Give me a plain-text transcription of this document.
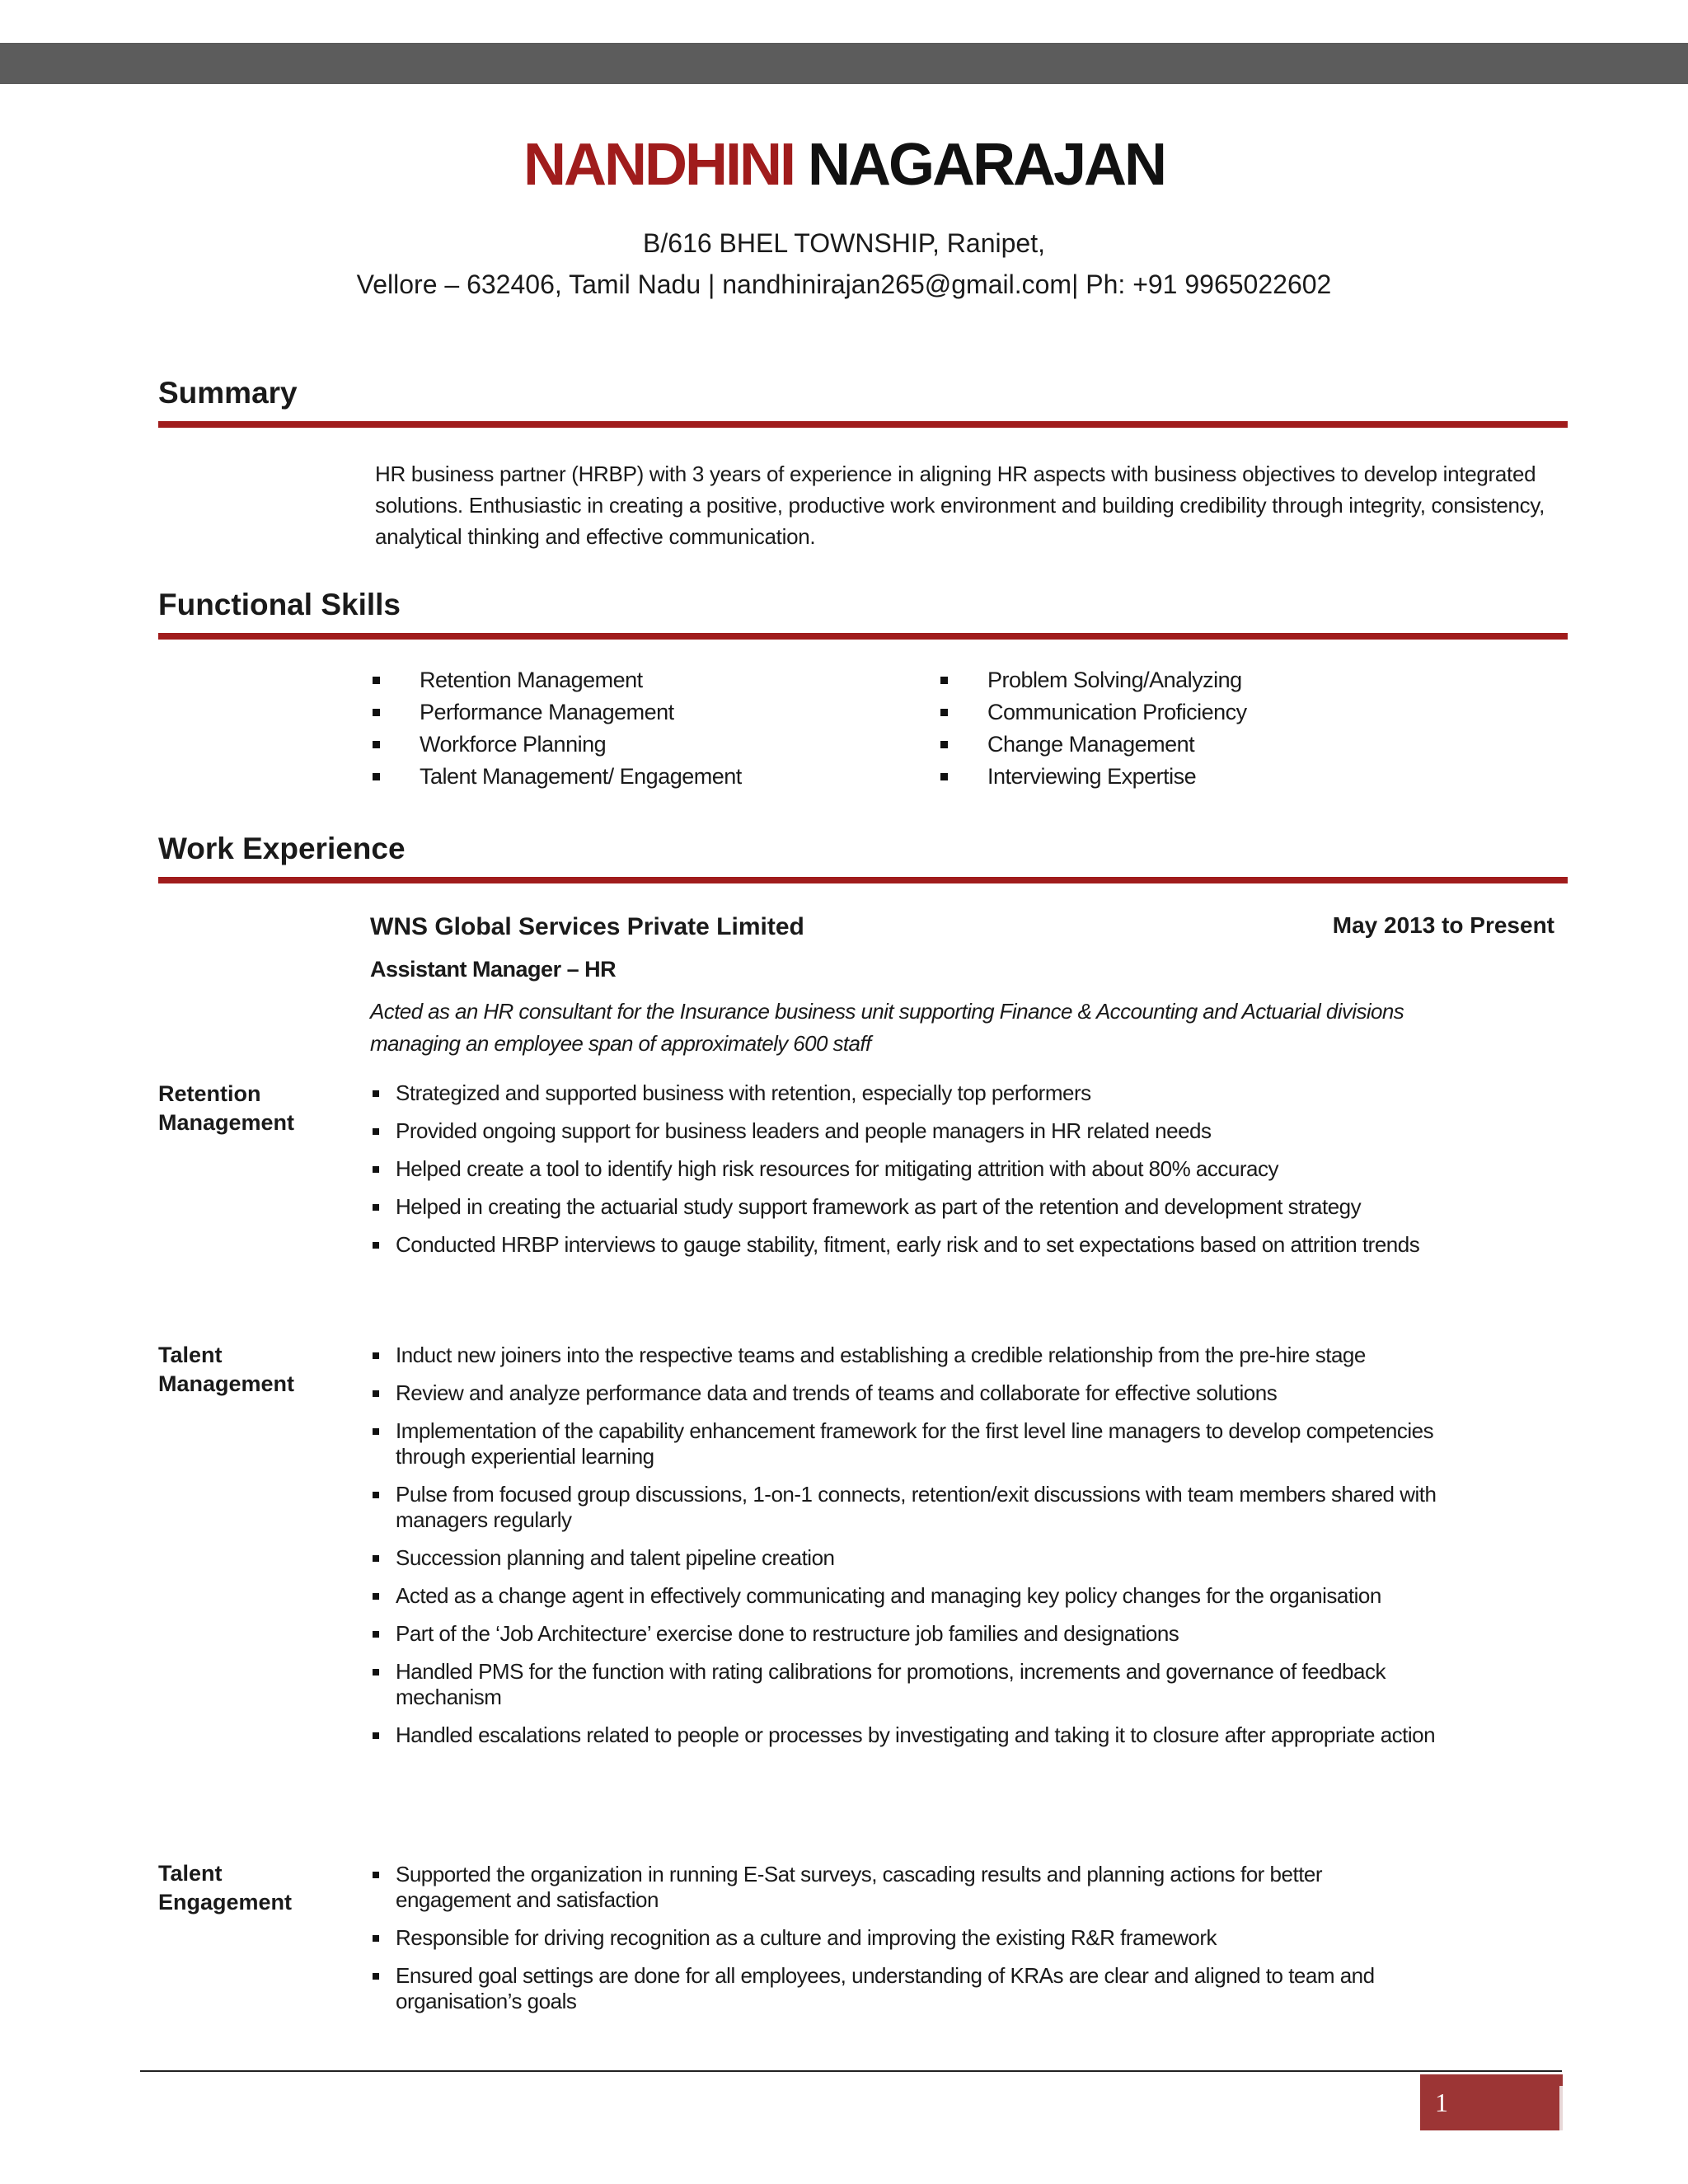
NANDHINI NAGARAJAN
B/616 BHEL TOWNSHIP, Ranipet,
Vellore – 632406, Tamil Nadu | nandhinirajan265@gmail.com| Ph: +91 9965022602
Summary
HR business partner (HRBP) with 3 years of experience in aligning HR aspects with business objectives to develop integrated solutions. Enthusiastic in creating a positive, productive work environment and building credibility through integrity, consistency, analytical thinking and effective communication.
Functional Skills
Retention Management
Performance Management
Workforce Planning
Talent Management/ Engagement
Problem Solving/Analyzing
Communication Proficiency
Change Management
Interviewing Expertise
Work Experience
WNS Global Services Private Limited	May 2013 to Present
Assistant Manager – HR
Acted as an HR consultant for the Insurance business unit supporting Finance & Accounting and Actuarial divisions managing an employee span of approximately 600 staff
Retention
Management
Strategized and supported business with retention, especially top performers
Provided ongoing support for business leaders and people managers in HR related needs
Helped create a tool to identify high risk resources for mitigating attrition with about 80% accuracy
Helped in creating the actuarial study support framework as part of the retention and development strategy
Conducted HRBP interviews to gauge stability, fitment, early risk and to set expectations based on attrition trends
Talent
Management
Induct new joiners into the respective teams and establishing a credible relationship from the pre-hire stage
Review and analyze performance data and trends of teams and collaborate for effective solutions
Implementation of the capability enhancement framework for the first level line managers to develop competencies through experiential learning
Pulse from focused group discussions, 1-on-1 connects, retention/exit discussions with team members shared with managers regularly
Succession planning and talent pipeline creation
Acted as a change agent in effectively communicating and managing key policy changes for the organisation
Part of the ‘Job Architecture’ exercise done to restructure job families and designations
Handled PMS for the function with rating calibrations for promotions, increments and governance of feedback mechanism
Handled escalations related to people or processes by investigating and taking it to closure after appropriate action
Talent
Engagement
Supported the organization in running E-Sat surveys, cascading results and planning actions for better engagement and satisfaction
Responsible for driving recognition as a culture and improving the existing R&R framework
Ensured goal settings are done for all employees, understanding of KRAs are clear and aligned to team and organisation’s goals
1
